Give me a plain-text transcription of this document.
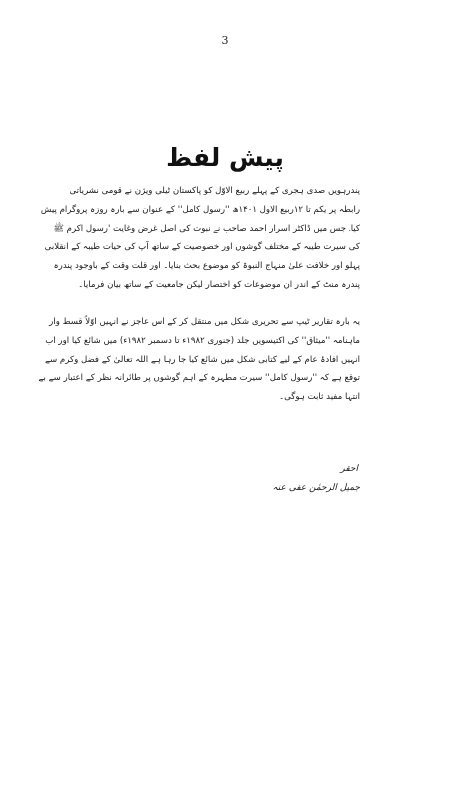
3
پیش لفظ
پندرہویں صدی ہجری کے پہلے ربیع الاوّل کو پاکستان ٹیلی ویژن نے قومی نشریاتی
رابطہ پر یکم تا ۱۲ربیع الاول ۱۴۰۱ھ ''رسول کامل'' کے عنوان سے بارہ روزہ پروگرام پیش
کیا۔ جس میں ڈاکٹر اسرار احمد صاحب نے نبوت کی اصل غرض وغایت 'رسول اکرم ﷺ
کی سیرت طیبہ کے مختلف گوشوں اور خصوصیت کے ساتھ آپ کی حیات طیبہ کے انقلابی
پہلو اور خلافت علیٰ منہاج النبوۃ کو موضوع بحث بنایا۔ اور قلت وقت کے باوجود پندرہ
پندرہ منٹ کے اندر ان موضوعات کو اختصار لیکن جامعیت کے ساتھ بیان فرمایا۔
یہ بارہ تقاریر ٹیپ سے تحریری شکل میں منتقل کر کے اس عاجز نے انہیں اوّلاً قسط وار
ماہنامہ ''میثاق'' کی اکتیسویں جلد (جنوری ۱۹۸۲ء تا دسمبر ۱۹۸۲ء) میں شائع کیا اور اب
انہیں افادۂ عام کے لیے کتابی شکل میں شائع کیا جا رہا ہے اللہ تعالیٰ کے فضل وکرم سے
توقع ہے کہ ''رسول کامل'' سیرت مطہرہ کے اہم گوشوں پر طائرانہ نظر کے اعتبار سے بے
انتہا مفید ثابت ہوگی۔
احقر
جمیل الرحمٰن عفی عنہ
